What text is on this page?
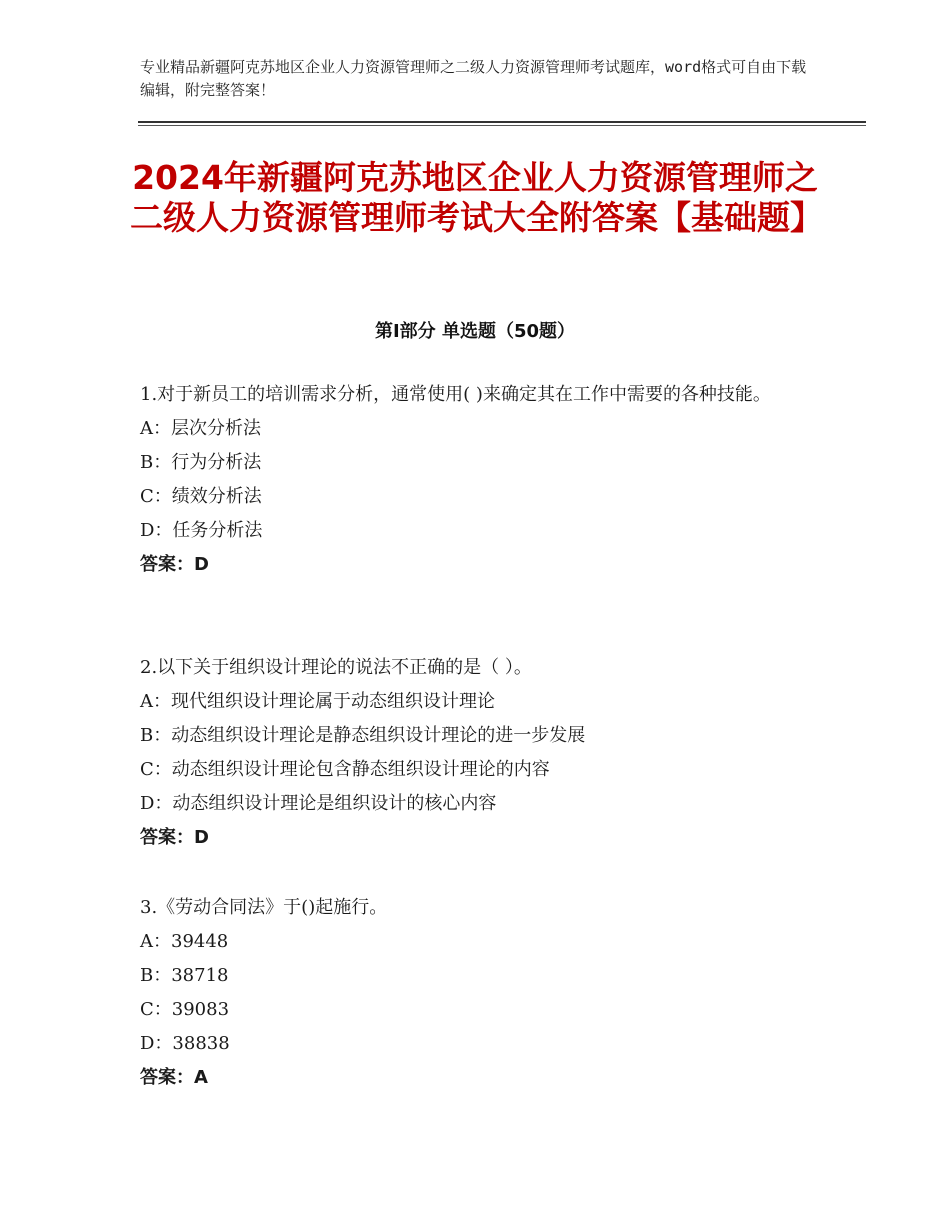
专业精品新疆阿克苏地区企业人力资源管理师之二级人力资源管理师考试题库，word格式可自由下载编辑，附完整答案！
2024年新疆阿克苏地区企业人力资源管理师之二级人力资源管理师考试大全附答案【基础题】
第Ⅰ部分 单选题（50题）

1.对于新员工的培训需求分析，通常使用( )来确定其在工作中需要的各种技能。

A：层次分析法

B：行为分析法

C：绩效分析法

D：任务分析法

答案：D

2.以下关于组织设计理论的说法不正确的是（ ）。

A：现代组织设计理论属于动态组织设计理论

B：动态组织设计理论是静态组织设计理论的进一步发展

C：动态组织设计理论包含静态组织设计理论的内容

D：动态组织设计理论是组织设计的核心内容

答案：D

3.《劳动合同法》于()起施行。

A：39448

B：38718

C：39083

D：38838

答案：A
